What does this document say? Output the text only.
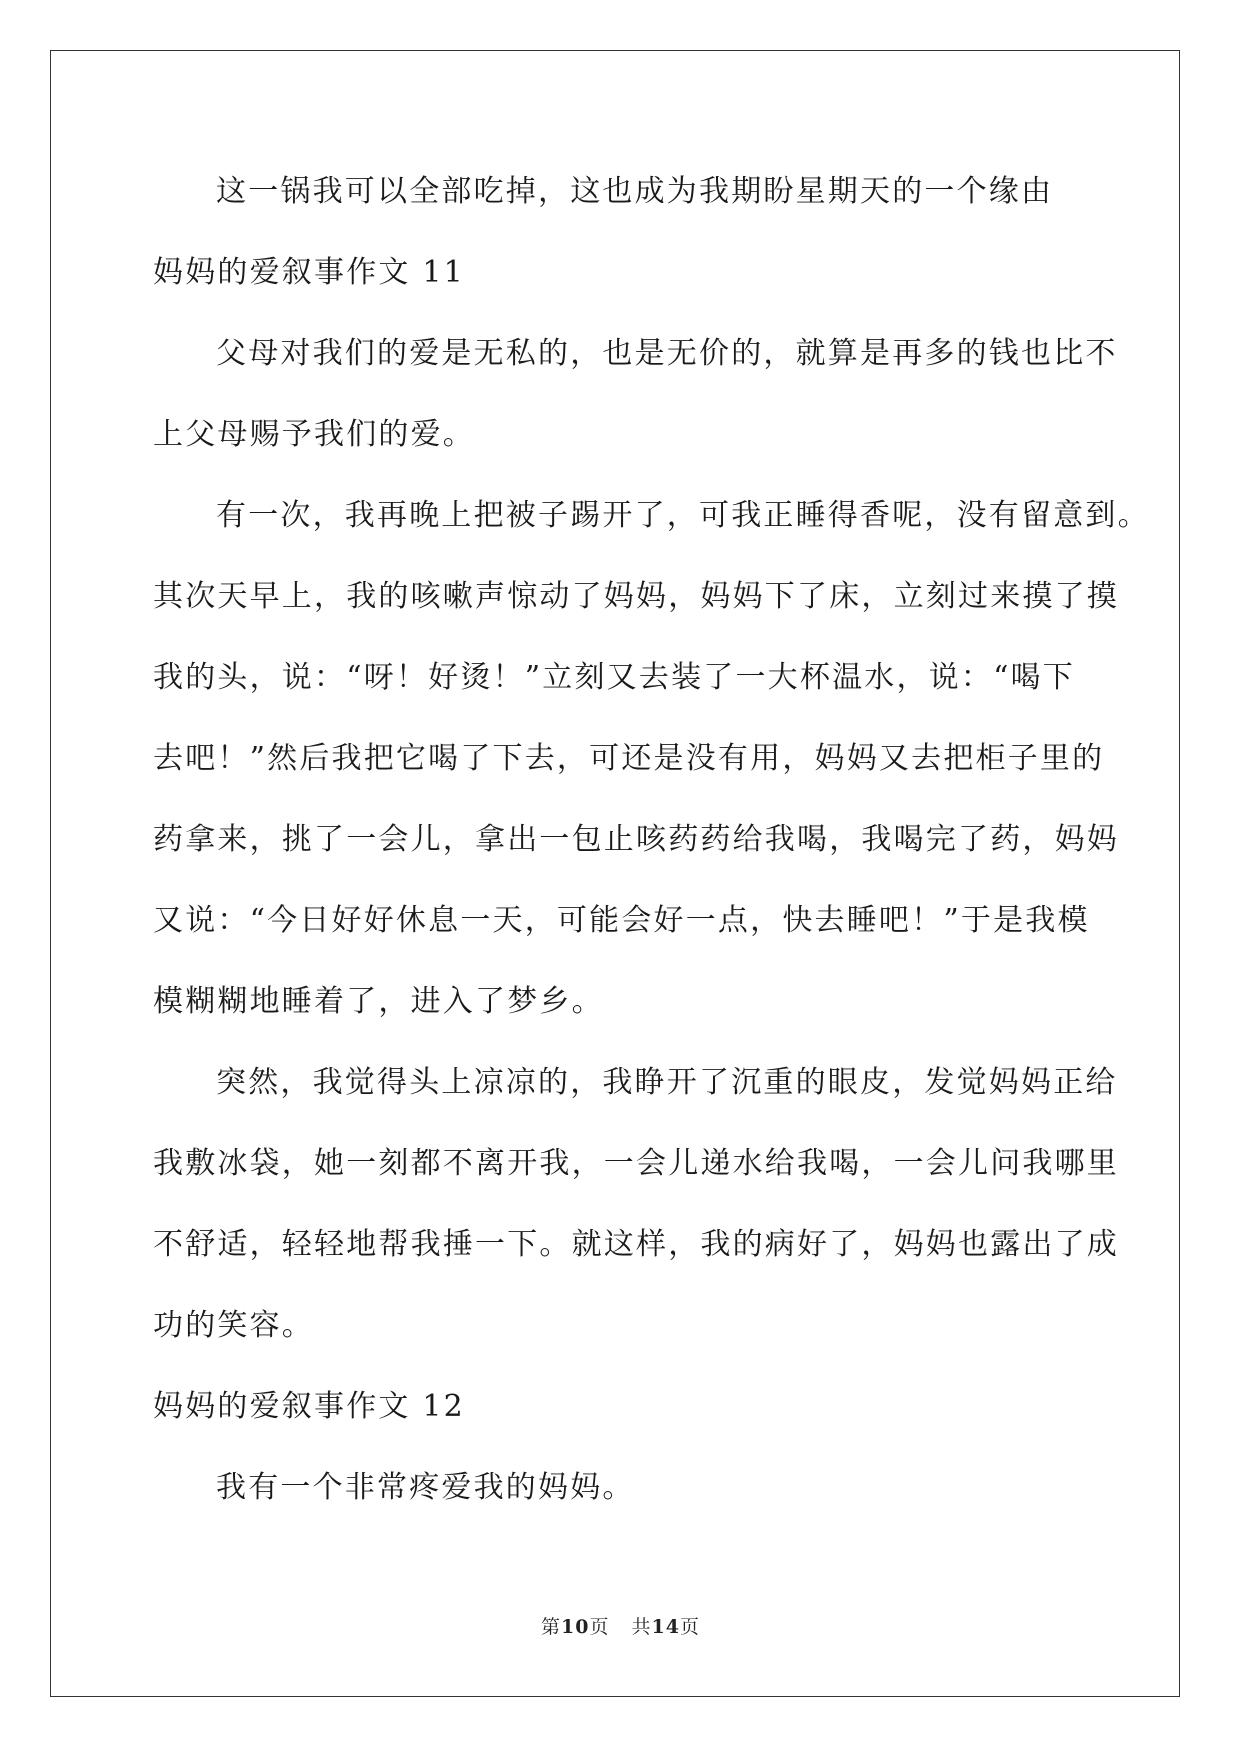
这一锅我可以全部吃掉，这也成为我期盼星期天的一个缘由
妈妈的爱叙事作文 11
父母对我们的爱是无私的，也是无价的，就算是再多的钱也比不
上父母赐予我们的爱。
有一次，我再晚上把被子踢开了，可我正睡得香呢，没有留意到。
其次天早上，我的咳嗽声惊动了妈妈，妈妈下了床，立刻过来摸了摸
我的头，说：“呀！好烫！”立刻又去装了一大杯温水，说：“喝下
去吧！”然后我把它喝了下去，可还是没有用，妈妈又去把柜子里的
药拿来，挑了一会儿，拿出一包止咳药药给我喝，我喝完了药，妈妈
又说：“今日好好休息一天，可能会好一点，快去睡吧！”于是我模
模糊糊地睡着了，进入了梦乡。
突然，我觉得头上凉凉的，我睁开了沉重的眼皮，发觉妈妈正给
我敷冰袋，她一刻都不离开我，一会儿递水给我喝，一会儿问我哪里
不舒适，轻轻地帮我捶一下。就这样，我的病好了，妈妈也露出了成
功的笑容。
妈妈的爱叙事作文 12
我有一个非常疼爱我的妈妈。
第10页 共14页
